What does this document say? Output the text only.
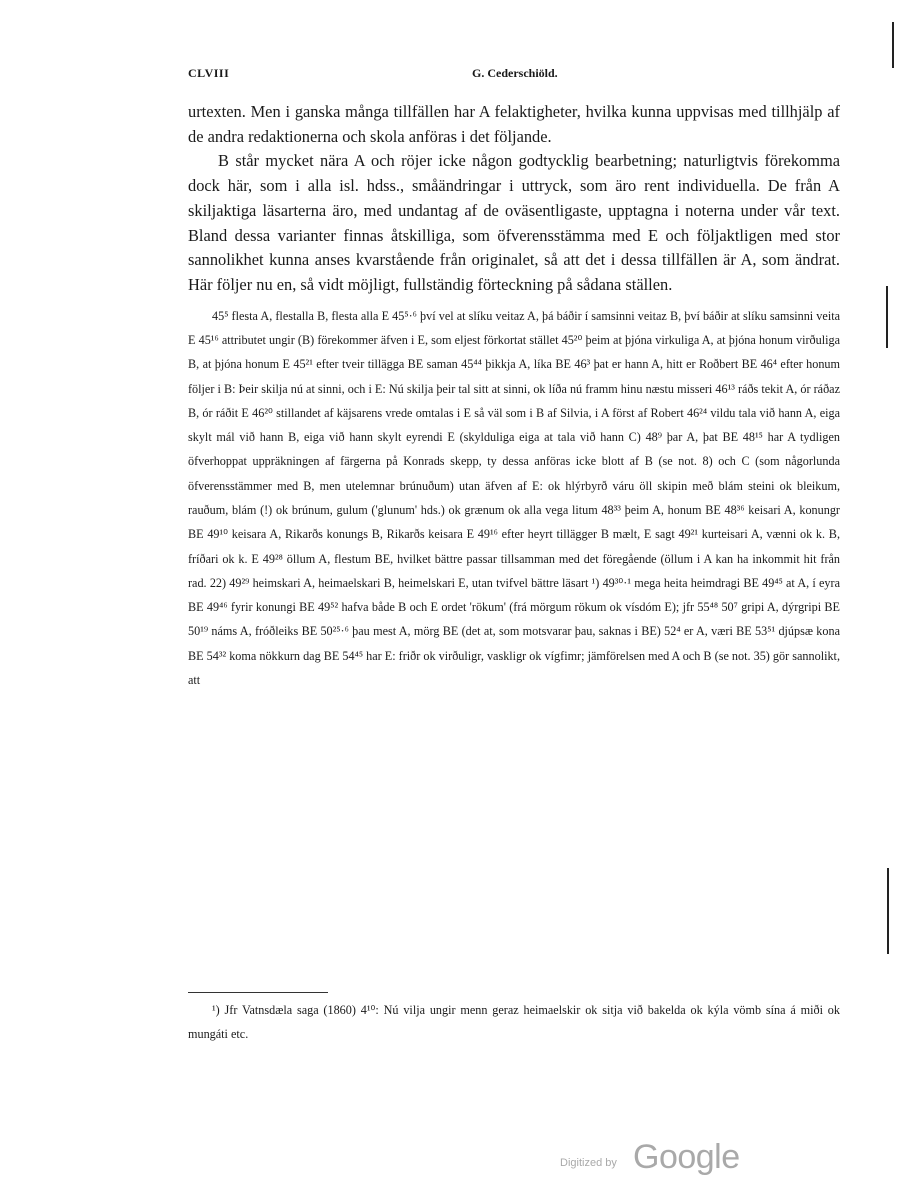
CLVIII	G. Cederschiöld.

urtexten. Men i ganska många tillfällen har A felaktigheter, hvilka kunna uppvisas med tillhjälp af de andra redaktionerna och skola anföras i det följande.

B står mycket nära A och röjer icke någon godtycklig bearbetning; naturligtvis förekomma dock här, som i alla isl. hdss., småändringar i uttryck, som äro rent individuella. De från A skiljaktiga läsarterna äro, med undantag af de oväsentligaste, upptagna i noterna under vår text. Bland dessa varianter finnas åtskilliga, som öfverensstämma med E och följaktligen med stor sannolikhet kunna anses kvarstående från originalet, så att det i dessa tillfällen är A, som ändrat. Här följer nu en, så vidt möjligt, fullständig förteckning på sådana ställen.

45⁵ flesta A, flestalla B, flesta alla E 45⁵·⁶ því vel at slíku veitaz A, þá báðir í samsinni veitaz B, því báðir at slíku samsinni veita E 45¹⁶ attributet ungir (B) förekommer äfven i E, som eljest förkortat stället 45²⁰ þeim at þjóna virkuliga A, at þjóna honum virðuliga B, at þjóna honum E 45²¹ efter tveir tillägga BE saman 45⁴⁴ þikkja A, líka BE 46³ þat er hann A, hitt er Roðbert BE 46⁴ efter honum följer i B: Þeir skilja nú at sinni, och i E: Nú skilja þeir tal sitt at sinni, ok líða nú framm hinu næstu misseri 46¹³ ráðs tekit A, ór ráðaz B, ór ráðit E 46²⁰ stillandet af käjsarens vrede omtalas i E så väl som i B af Silvia, i A först af Robert 46²⁴ vildu tala við hann A, eiga skylt mál við hann B, eiga við hann skylt eyrendi E (skylduliga eiga at tala við hann C) 48⁹ þar A, þat BE 48¹⁵ har A tydligen öfverhoppat uppräkningen af färgerna på Konrads skepp, ty dessa anföras icke blott af B (se not. 8) och C (som någorlunda öfverensstämmer med B, men utelemnar brúnuðum) utan äfven af E: ok hlýrbyrð váru öll skipin með blám steini ok bleikum, rauðum, blám (!) ok brúnum, gulum ('glunum' hds.) ok grænum ok alla vega litum 48³³ þeim A, honum BE 48³⁶ keisari A, konungr BE 49¹⁰ keisara A, Rikarðs konungs B, Rikarðs keisara E 49¹⁶ efter heyrt tillägger B mælt, E sagt 49²¹ kurteisari A, vænni ok k. B, fríðari ok k. E 49²⁸ öllum A, flestum BE, hvilket bättre passar tillsamman med det föregående (öllum i A kan ha inkommit hit från rad. 22) 49²⁹ heimskari A, heimaelskari B, heimelskari E, utan tvifvel bättre läsart ¹) 49³⁰·¹ mega heita heimdragi BE 49⁴⁵ at A, í eyra BE 49⁴⁶ fyrir konungi BE 49⁵² hafva både B och E ordet 'rökum' (frá mörgum rökum ok vísdóm E); jfr 55⁴⁸ 50⁷ gripi A, dýrgripi BE 50¹⁹ náms A, fróðleiks BE 50²⁵·⁶ þau mest A, mörg BE (det at, som motsvarar þau, saknas i BE) 52⁴ er A, væri BE 53⁵¹ djúpsæ kona BE 54³² koma nökkurn dag BE 54⁴⁵ har E: friðr ok virðuligr, vaskligr ok vígfimr; jämförelsen med A och B (se not. 35) gör sannolikt, att

¹) Jfr Vatnsdæla saga (1860) 4¹⁰: Nú vilja ungir menn geraz heimaelskir ok sitja við bakelda ok kýla vömb sína á miði ok mungáti etc.

Digitized by Google
